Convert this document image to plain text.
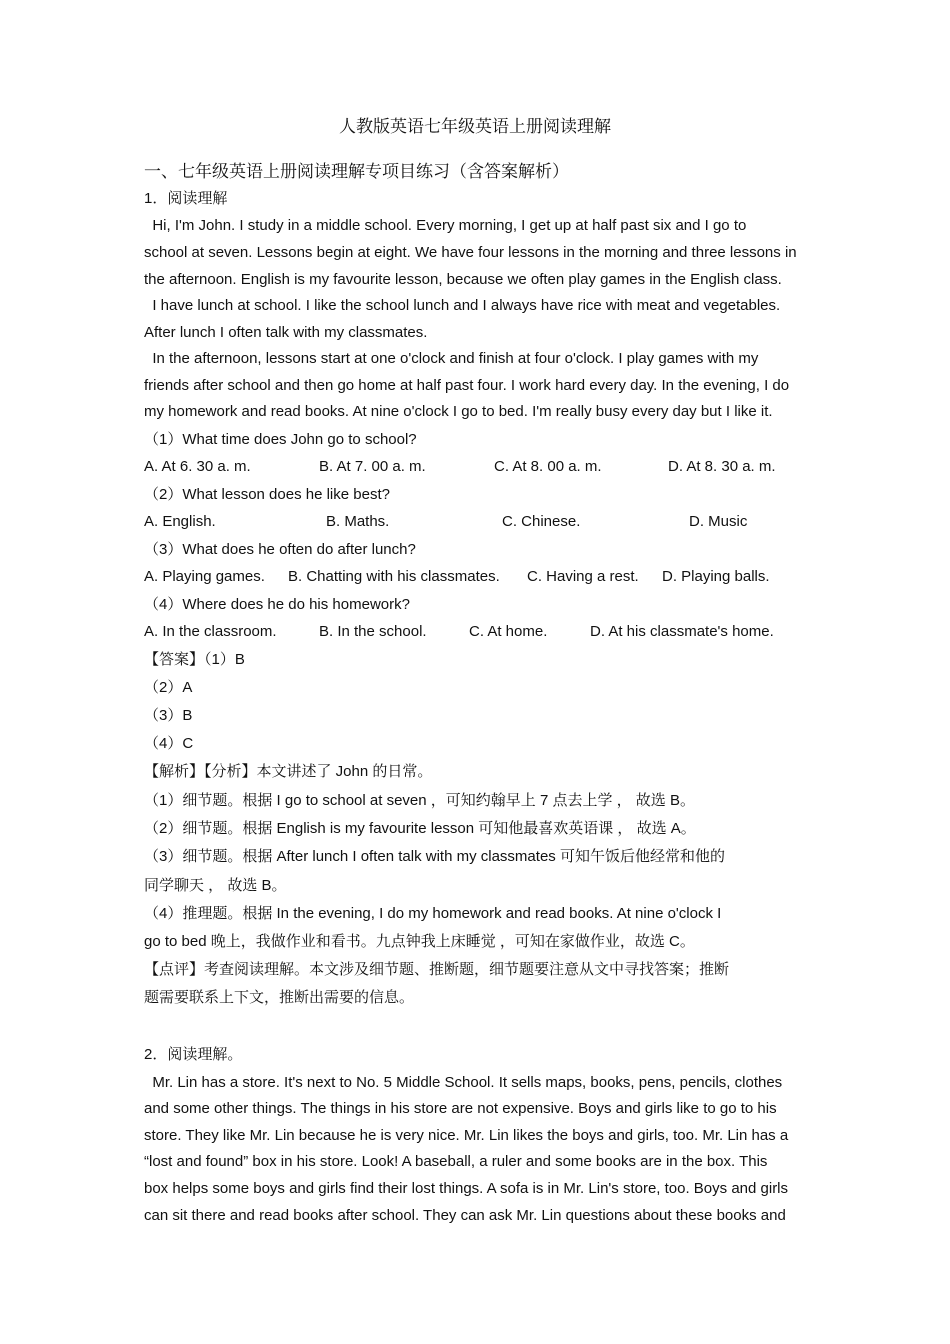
人教版英语七年级英语上册阅读理解
一、七年级英语上册阅读理解专项目练习（含答案解析）
1．阅读理解
Hi, I'm John. I study in a middle school. Every morning, I get up at half past six and I go to
school at seven. Lessons begin at eight. We have four lessons in the morning and three lessons in
the afternoon. English is my favourite lesson, because we often play games in the English class.
I have lunch at school. I like the school lunch and I always have rice with meat and vegetables.
After lunch I often talk with my classmates.
In the afternoon, lessons start at one o'clock and finish at four o'clock. I play games with my
friends after school and then go home at half past four. I work hard every day. In the evening, I do
my homework and read books. At nine o'clock I go to bed. I'm really busy every day but I like it.
（1）What time does John go to school?
A. At 6. 30 a. m.	B. At 7. 00 a. m.	C. At 8. 00 a. m.	D. At 8. 30 a. m.
（2）What lesson does he like best?
A. English.	B. Maths.	C. Chinese.	D. Music
（3）What does he often do after lunch?
A. Playing games. B. Chatting with his classmates. C. Having a rest. D. Playing balls.
（4）Where does he do his homework?
A. In the classroom.	B. In the school.	C. At home.	D. At his classmate's home.
【答案】（1）B
（2）A
（3）B
（4）C
【解析】【分析】本文讲述了 John 的日常。
（1）细节题。根据 I go to school at seven ，可知约翰早上 7 点去上学 ， 故选 B。
（2）细节题。根据 English is my favourite lesson 可知他最喜欢英语课 ， 故选 A。
（3）细节题。根据 After lunch I often talk with my classmates 可知午饭后他经常和他的
同学聊天 ， 故选 B。
（4）推理题。根据 In the evening, I do my homework and read books. At nine o'clock I
go to bed 晚上，我做作业和看书。九点钟我上床睡觉 ，可知在家做作业，故选 C。
【点评】考查阅读理解。本文涉及细节题、推断题，细节题要注意从文中寻找答案；推断
题需要联系上下文，推断出需要的信息。
2．阅读理解。
Mr. Lin has a store. It's next to No. 5 Middle School. It sells maps, books, pens, pencils, clothes
and some other things. The things in his store are not expensive. Boys and girls like to go to his
store. They like Mr. Lin because he is very nice. Mr. Lin likes the boys and girls, too. Mr. Lin has a
“lost and found” box in his store. Look! A baseball, a ruler and some books are in the box. This
box helps some boys and girls find their lost things. A sofa is in Mr. Lin's store, too. Boys and girls
can sit there and read books after school. They can ask Mr. Lin questions about these books and
